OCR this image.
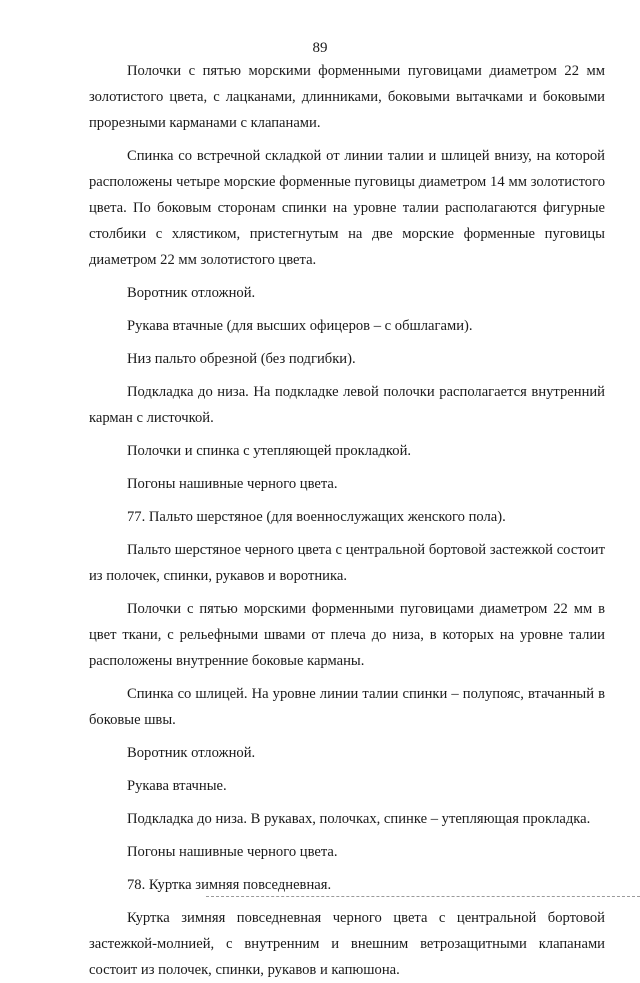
89

Полочки с пятью морскими форменными пуговицами диаметром 22 мм золотистого цвета, с лацканами, длинниками, боковыми вытачками и боковыми прорезными карманами с клапанами.

Спинка со встречной складкой от линии талии и шлицей внизу, на которой расположены четыре морские форменные пуговицы диаметром 14 мм золотистого цвета. По боковым сторонам спинки на уровне талии располагаются фигурные столбики с хлястиком, пристегнутым на две морские форменные пуговицы диаметром 22 мм золотистого цвета.

Воротник отложной.

Рукава втачные (для высших офицеров – с обшлагами).

Низ пальто обрезной (без подгибки).

Подкладка до низа. На подкладке левой полочки располагается внутренний карман с листочкой.

Полочки и спинка с утепляющей прокладкой.

Погоны нашивные черного цвета.

77. Пальто шерстяное (для военнослужащих женского пола).

Пальто шерстяное черного цвета с центральной бортовой застежкой состоит из полочек, спинки, рукавов и воротника.

Полочки с пятью морскими форменными пуговицами диаметром 22 мм в цвет ткани, с рельефными швами от плеча до низа, в которых на уровне талии расположены внутренние боковые карманы.

Спинка со шлицей. На уровне линии талии спинки – полупояс, втачанный в боковые швы.

Воротник отложной.

Рукава втачные.

Подкладка до низа. В рукавах, полочках, спинке – утепляющая прокладка.

Погоны нашивные черного цвета.

78. Куртка зимняя повседневная.

Куртка зимняя повседневная черного цвета с центральной бортовой застежкой-молнией, с внутренним и внешним ветрозащитными клапанами состоит из полочек, спинки, рукавов и капюшона.
